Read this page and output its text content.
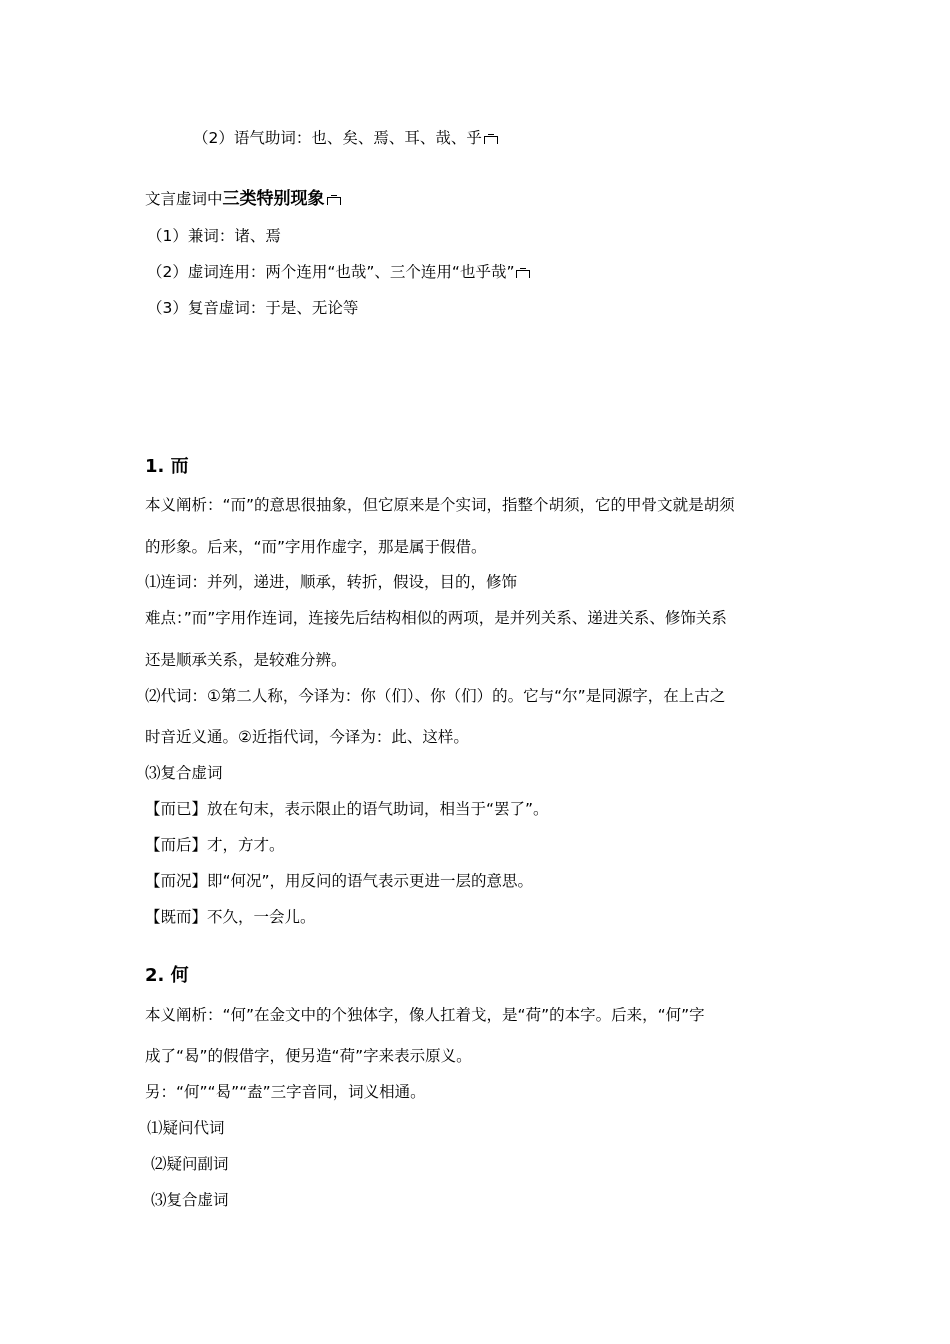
（2）语气助词：也、矣、焉、耳、哉、乎
文言虚词中三类特别现象
（1）兼词：诸、焉
（2）虚词连用：两个连用“也哉”、三个连用“也乎哉”
（3）复音虚词：于是、无论等
1. 而
本义阐析：“而”的意思很抽象，但它原来是个实词，指整个胡须，它的甲骨文就是胡须
的形象。后来，“而”字用作虚字，那是属于假借。
⑴连词：并列，递进，顺承，转折，假设，目的，修饰
难点：”而”字用作连词，连接先后结构相似的两项，是并列关系、递进关系、修饰关系
还是顺承关系，是较难分辨。
⑵代词：①第二人称，今译为：你（们）、你（们）的。它与“尔”是同源字，在上古之
时音近义通。②近指代词，今译为：此、这样。
⑶复合虚词
【而已】放在句末，表示限止的语气助词，相当于“罢了”。
【而后】才，方才。
【而况】即“何况”，用反问的语气表示更进一层的意思。
【既而】不久，一会儿。
2. 何
本义阐析：“何”在金文中的个独体字，像人扛着戈，是“荷”的本字。后来，“何”字
成了“曷”的假借字，便另造“荷”字来表示原义。
另：“何”“曷”“盍”三字音同，词义相通。
⑴疑问代词
⑵疑问副词
⑶复合虚词
